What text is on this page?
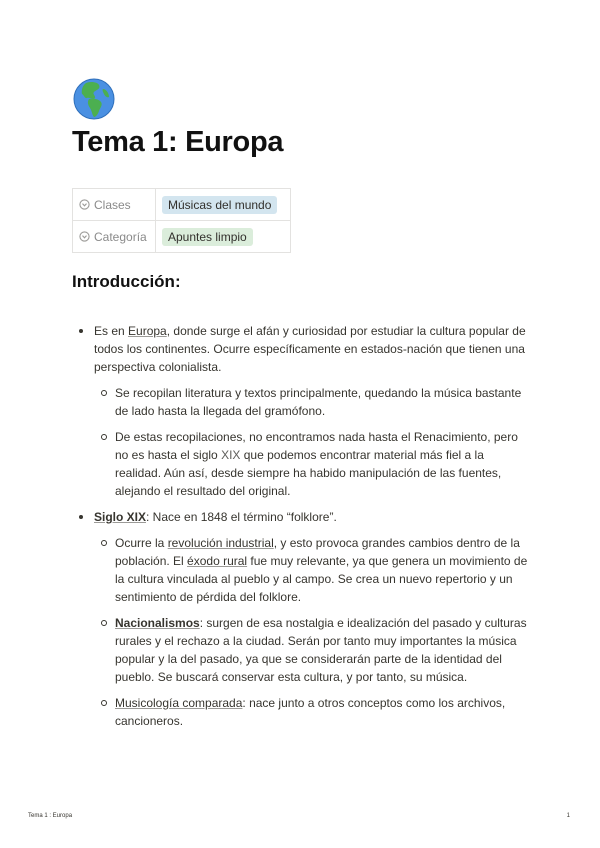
Tema 1: Europa
Clases	Músicas del mundo
Categoría	Apuntes limpio
Introducción:
Es en Europa, donde surge el afán y curiosidad por estudiar la cultura popular de todos los continentes. Ocurre específicamente en estados-nación que tienen una perspectiva colonialista.
Se recopilan literatura y textos principalmente, quedando la música bastante de lado hasta la llegada del gramófono.
De estas recopilaciones, no encontramos nada hasta el Renacimiento, pero no es hasta el siglo XIX que podemos encontrar material más fiel a la realidad. Aún así, desde siempre ha habido manipulación de las fuentes, alejando el resultado del original.
Siglo XIX: Nace en 1848 el término “folklore”.
Ocurre la revolución industrial, y esto provoca grandes cambios dentro de la población. El éxodo rural fue muy relevante, ya que genera un movimiento de la cultura vinculada al pueblo y al campo. Se crea un nuevo repertorio y un sentimiento de pérdida del folklore.
Nacionalismos: surgen de esa nostalgia e idealización del pasado y culturas rurales y el rechazo a la ciudad. Serán por tanto muy importantes la música popular y la del pasado, ya que se considerarán parte de la identidad del pueblo. Se buscará conservar esta cultura, y por tanto, su música.
Musicología comparada: nace junto a otros conceptos como los archivos, cancioneros.
Tema 1 : Europa	1
